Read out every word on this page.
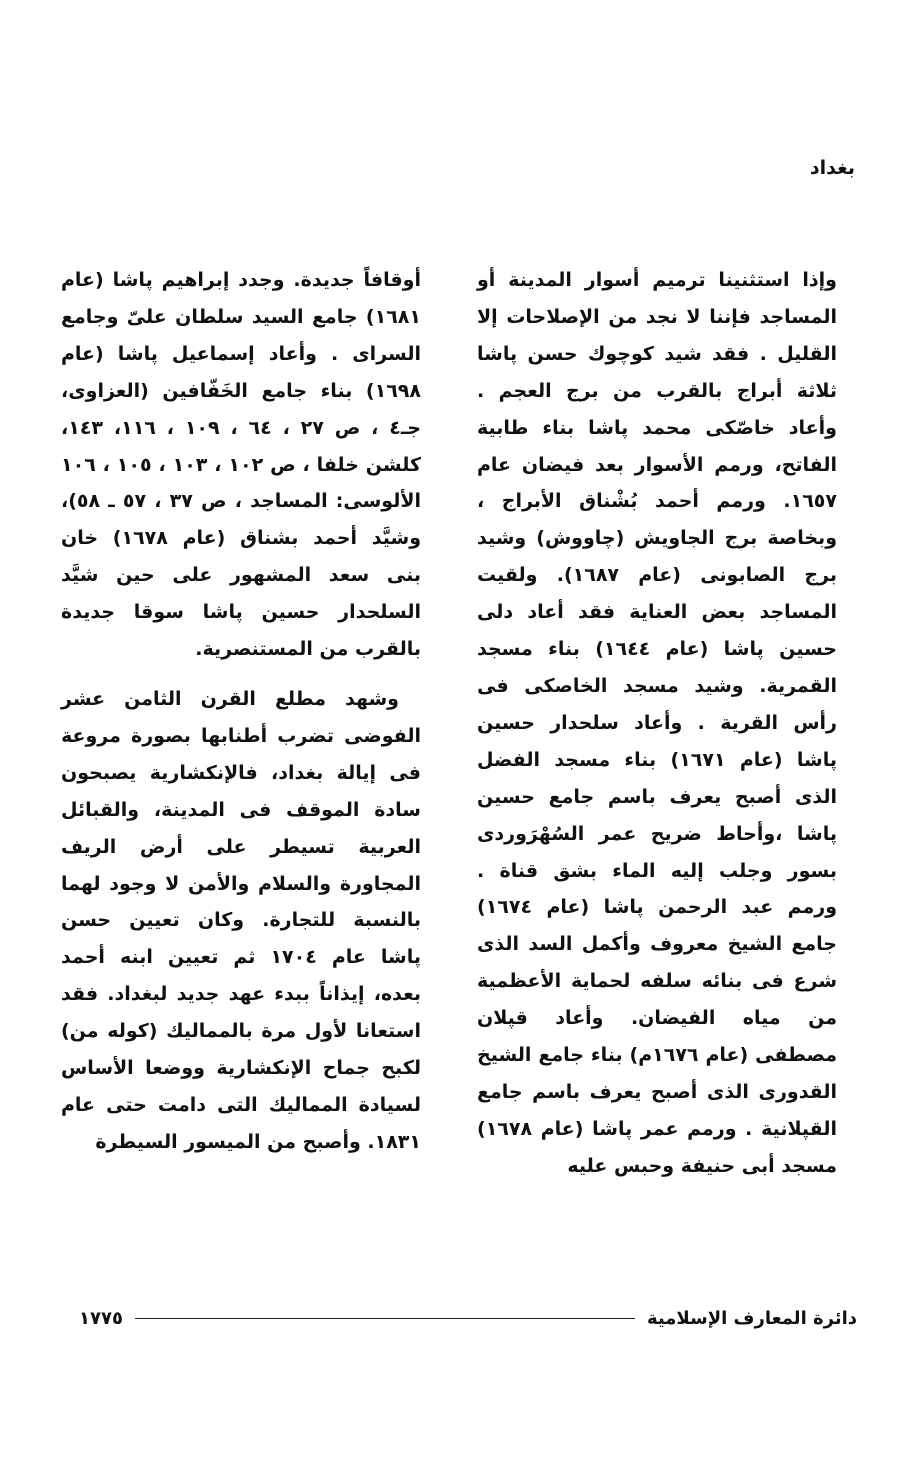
بغداد

وإذا استثنينا ترميم أسوار المدينة أو المساجد فإننا لا نجد من الإصلاحات إلا القليل . فقد شيد كوچوك حسن پاشا ثلاثة أبراج بالقرب من برج العجم . وأعاد خاصّكى محمد پاشا بناء طابية الفاتح، ورمم الأسوار بعد فيضان عام ١٦٥٧. ورمم أحمد بُشْناق الأبراج ، وبخاصة برج الجاويش (چاووش) وشيد برج الصابونى (عام ١٦٨٧). ولقيت المساجد بعض العناية فقد أعاد دلى حسين پاشا (عام ١٦٤٤) بناء مسجد القمرية. وشيد مسجد الخاصكى فى رأس القرية . وأعاد سلحدار حسين پاشا (عام ١٦٧١) بناء مسجد الفضل الذى أصبح يعرف باسم جامع حسين پاشا ،وأحاط ضريح عمر السُهْرَوردى بسور وجلب إليه الماء بشق قناة . ورمم عبد الرحمن پاشا (عام ١٦٧٤) جامع الشيخ معروف وأكمل السد الذى شرع فى بنائه سلفه لحماية الأعظمية من مياه الفيضان. وأعاد قپلان مصطفى (عام ١٦٧٦م) بناء جامع الشيخ القدورى الذى أصبح يعرف باسم جامع القپلانية . ورمم عمر پاشا (عام ١٦٧٨) مسجد أبى حنيفة وحبس عليه

أوقافاً جديدة. وجدد إبراهيم پاشا (عام ١٦٨١) جامع السيد سلطان علىّ وجامع السراى . وأعاد إسماعيل پاشا (عام ١٦٩٨) بناء جامع الخَفّافين (العزاوى، جـ٤ ، ص ٢٧ ، ٦٤ ، ١٠٩ ، ١١٦، ١٤٣، كلشن خلفا ، ص ١٠٢ ، ١٠٣ ، ١٠٥ ، ١٠٦ الألوسى: المساجد ، ص ٣٧ ، ٥٧ ـ ٥٨)، وشيَّد أحمد بشناق (عام ١٦٧٨) خان بنى سعد المشهور على حين شيَّد السلحدار حسين پاشا سوقا جديدة بالقرب من المستنصرية.

وشهد مطلع القرن الثامن عشر الفوضى تضرب أطنابها بصورة مروعة فى إيالة بغداد، فالإنكشارية يصبحون سادة الموقف فى المدينة، والقبائل العربية تسيطر على أرض الريف المجاورة والسلام والأمن لا وجود لهما بالنسبة للتجارة. وكان تعيين حسن پاشا عام ١٧٠٤ ثم تعيين ابنه أحمد بعده، إيذاناً ببدء عهد جديد لبغداد. فقد استعانا لأول مرة بالمماليك (كوله من) لكبح جماح الإنكشارية ووضعا الأساس لسيادة المماليك التى دامت حتى عام ١٨٣١. وأصبح من الميسور السيطرة

دائرة المعارف الإسلامية
١٧٧٥
